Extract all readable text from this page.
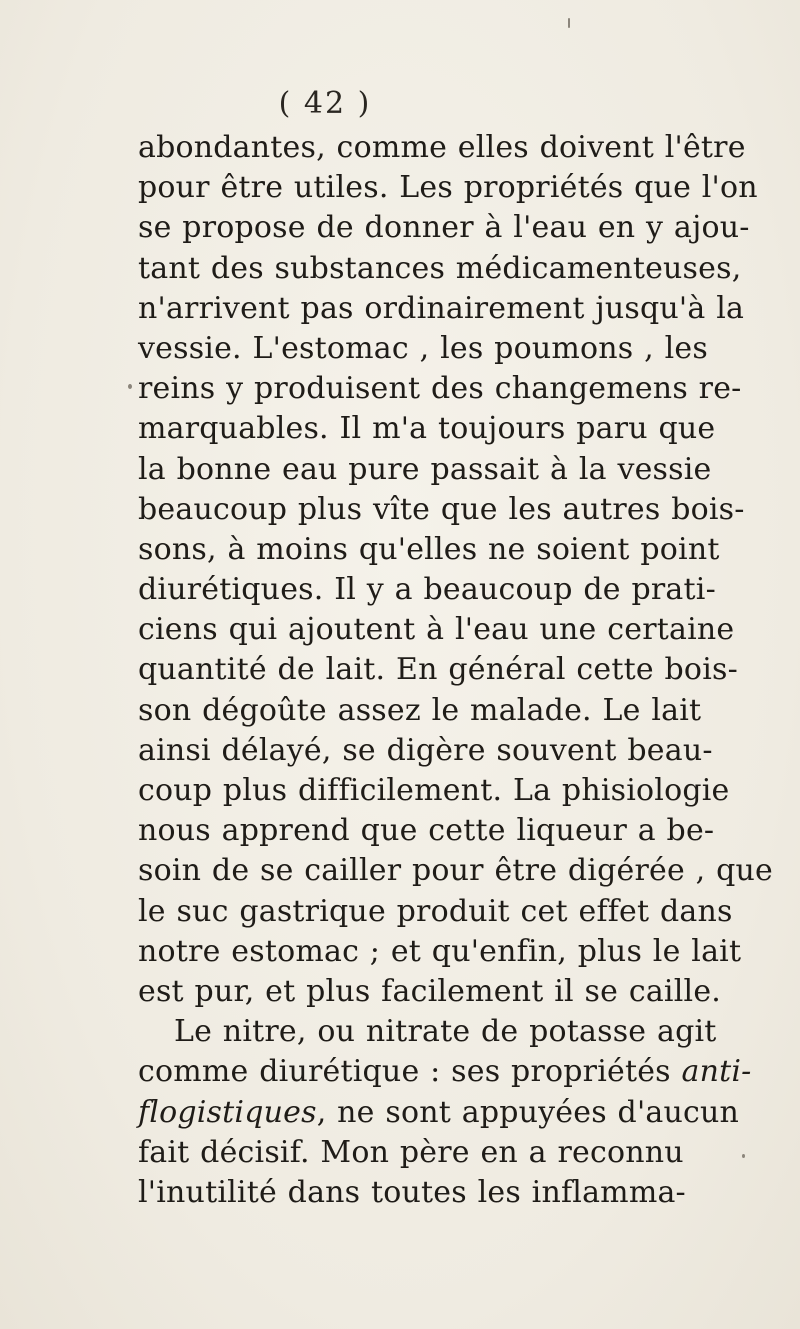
( 42 )
abondantes, comme elles doivent l'être
pour être utiles. Les propriétés que l'on
se propose de donner à l'eau en y ajou-
tant des substances médicamenteuses,
n'arrivent pas ordinairement jusqu'à la
vessie. L'estomac , les poumons , les
reins y produisent des changemens re-
marquables. Il m'a toujours paru que
la bonne eau pure passait à la vessie
beaucoup plus vîte que les autres bois-
sons, à moins qu'elles ne soient point
diurétiques. Il y a beaucoup de prati-
ciens qui ajoutent à l'eau une certaine
quantité de lait. En général cette bois-
son dégoûte assez le malade. Le lait
ainsi délayé, se digère souvent beau-
coup plus difficilement. La phisiologie
nous apprend que cette liqueur a be-
soin de se cailler pour être digérée , que
le suc gastrique produit cet effet dans
notre estomac ; et qu'enfin, plus le lait
est pur, et plus facilement il se caille.
Le nitre, ou nitrate de potasse agit
comme diurétique : ses propriétés anti-
flogistiques, ne sont appuyées d'aucun
fait décisif. Mon père en a reconnu
l'inutilité dans toutes les inflamma-
